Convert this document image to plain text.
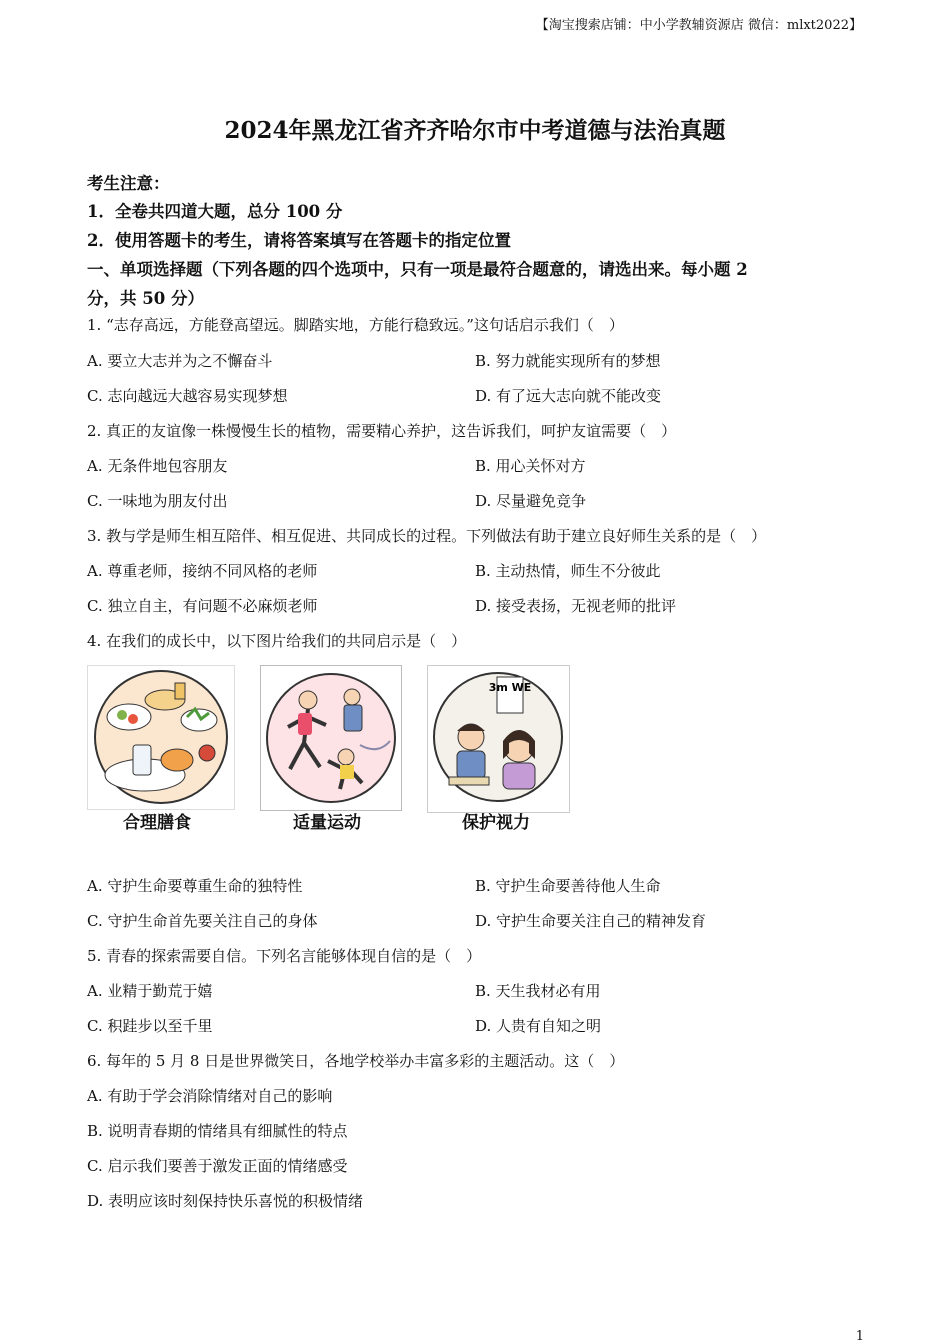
【淘宝搜索店铺：中小学教辅资源店 微信：mlxt2022】
2024年黑龙江省齐齐哈尔市中考道德与法治真题
考生注意：
1．全卷共四道大题，总分 100 分
2．使用答题卡的考生，请将答案填写在答题卡的指定位置
一、单项选择题（下列各题的四个选项中，只有一项是最符合题意的，请选出来。每小题 2
分，共 50 分）
1. “志存高远，方能登高望远。脚踏实地，方能行稳致远。”这句话启示我们（　）
A. 要立大志并为之不懈奋斗	B. 努力就能实现所有的梦想
C. 志向越远大越容易实现梦想	D. 有了远大志向就不能改变
2. 真正的友谊像一株慢慢生长的植物，需要精心养护，这告诉我们，呵护友谊需要（　）
A. 无条件地包容朋友	B. 用心关怀对方
C. 一味地为朋友付出	D. 尽量避免竞争
3. 教与学是师生相互陪伴、相互促进、共同成长的过程。下列做法有助于建立良好师生关系的是（　）
A. 尊重老师，接纳不同风格的老师	B. 主动热情，师生不分彼此
C. 独立自主，有问题不必麻烦老师	D. 接受表扬，无视老师的批评
4. 在我们的成长中，以下图片给我们的共同启示是（　）
合理膳食	适量运动
3m WE
保护视力
A. 守护生命要尊重生命的独特性	B. 守护生命要善待他人生命
C. 守护生命首先要关注自己的身体	D. 守护生命要关注自己的精神发育
5. 青春的探索需要自信。下列名言能够体现自信的是（　）
A. 业精于勤荒于嬉	B. 天生我材必有用
C. 积跬步以至千里	D. 人贵有自知之明
6. 每年的 5 月 8 日是世界微笑日，各地学校举办丰富多彩的主题活动。这（　）
A. 有助于学会消除情绪对自己的影响
B. 说明青春期的情绪具有细腻性的特点
C. 启示我们要善于激发正面的情绪感受
D. 表明应该时刻保持快乐喜悦的积极情绪
1
